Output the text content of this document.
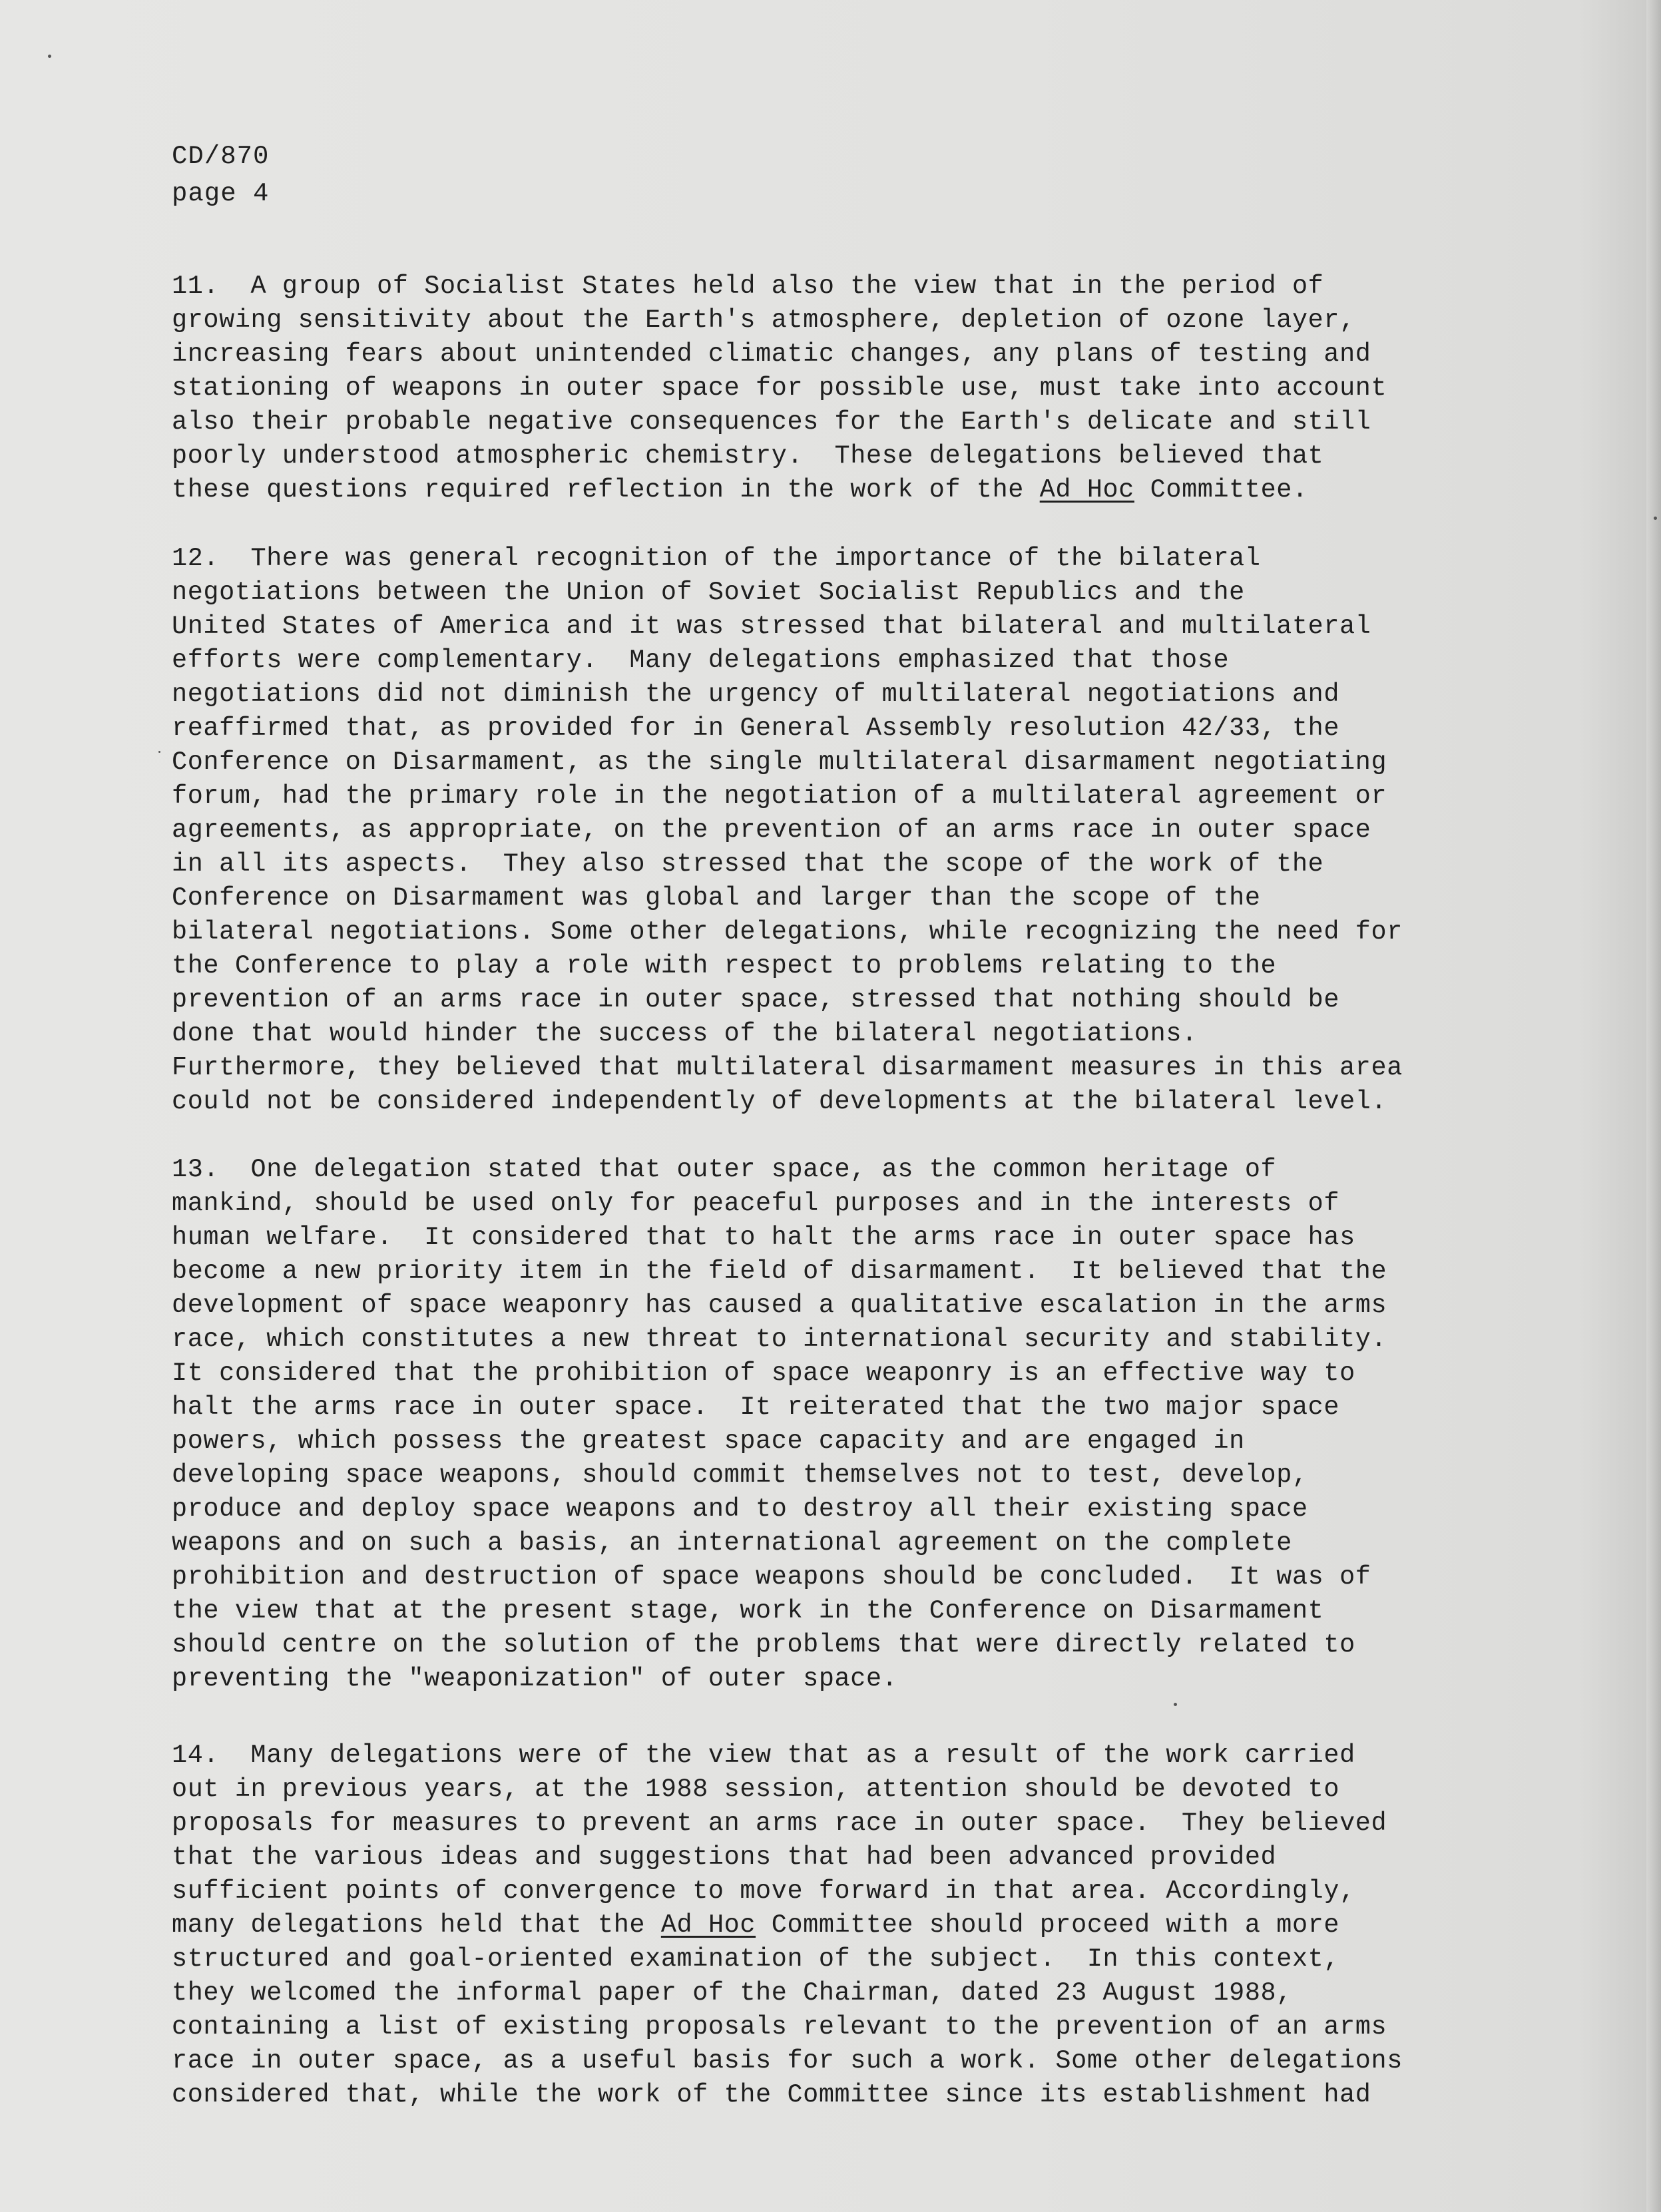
CD/870
page 4
11.  A group of Socialist States held also the view that in the period of
growing sensitivity about the Earth's atmosphere, depletion of ozone layer,
increasing fears about unintended climatic changes, any plans of testing and
stationing of weapons in outer space for possible use, must take into account
also their probable negative consequences for the Earth's delicate and still
poorly understood atmospheric chemistry.  These delegations believed that
these questions required reflection in the work of the Ad Hoc Committee.
12.  There was general recognition of the importance of the bilateral
negotiations between the Union of Soviet Socialist Republics and the
United States of America and it was stressed that bilateral and multilateral
efforts were complementary.  Many delegations emphasized that those
negotiations did not diminish the urgency of multilateral negotiations and
reaffirmed that, as provided for in General Assembly resolution 42/33, the
Conference on Disarmament, as the single multilateral disarmament negotiating
forum, had the primary role in the negotiation of a multilateral agreement or
agreements, as appropriate, on the prevention of an arms race in outer space
in all its aspects.  They also stressed that the scope of the work of the
Conference on Disarmament was global and larger than the scope of the
bilateral negotiations. Some other delegations, while recognizing the need for
the Conference to play a role with respect to problems relating to the
prevention of an arms race in outer space, stressed that nothing should be
done that would hinder the success of the bilateral negotiations.
Furthermore, they believed that multilateral disarmament measures in this area
could not be considered independently of developments at the bilateral level.
13.  One delegation stated that outer space, as the common heritage of
mankind, should be used only for peaceful purposes and in the interests of
human welfare.  It considered that to halt the arms race in outer space has
become a new priority item in the field of disarmament.  It believed that the
development of space weaponry has caused a qualitative escalation in the arms
race, which constitutes a new threat to international security and stability.
It considered that the prohibition of space weaponry is an effective way to
halt the arms race in outer space.  It reiterated that the two major space
powers, which possess the greatest space capacity and are engaged in
developing space weapons, should commit themselves not to test, develop,
produce and deploy space weapons and to destroy all their existing space
weapons and on such a basis, an international agreement on the complete
prohibition and destruction of space weapons should be concluded.  It was of
the view that at the present stage, work in the Conference on Disarmament
should centre on the solution of the problems that were directly related to
preventing the "weaponization" of outer space.
14.  Many delegations were of the view that as a result of the work carried
out in previous years, at the 1988 session, attention should be devoted to
proposals for measures to prevent an arms race in outer space.  They believed
that the various ideas and suggestions that had been advanced provided
sufficient points of convergence to move forward in that area. Accordingly,
many delegations held that the Ad Hoc Committee should proceed with a more
structured and goal-oriented examination of the subject.  In this context,
they welcomed the informal paper of the Chairman, dated 23 August 1988,
containing a list of existing proposals relevant to the prevention of an arms
race in outer space, as a useful basis for such a work. Some other delegations
considered that, while the work of the Committee since its establishment had
